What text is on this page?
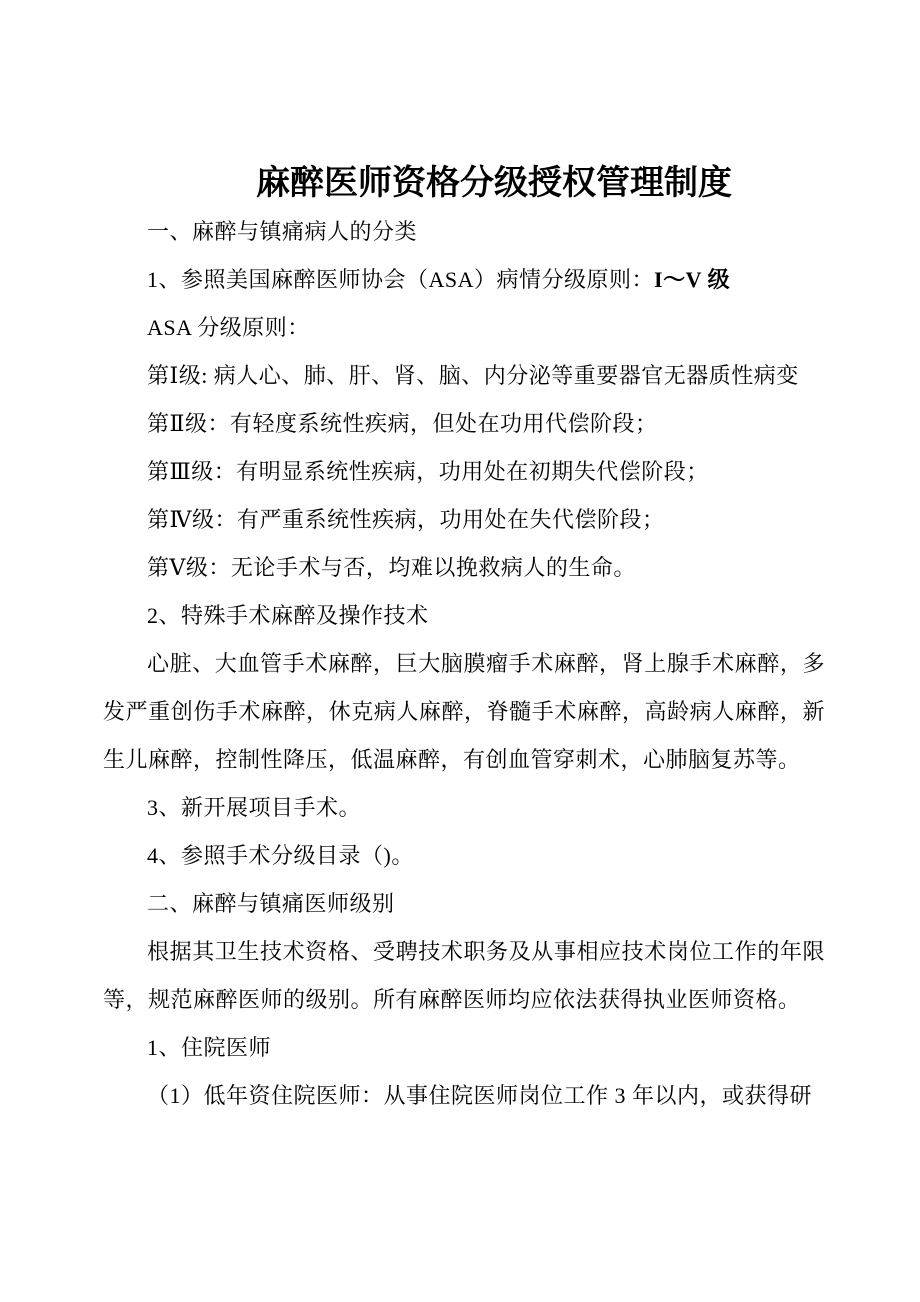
麻醉医师资格分级授权管理制度

一、麻醉与镇痛病人的分类

1、参照美国麻醉医师协会（ASA）病情分级原则：I～V 级

ASA 分级原则：

第Ⅰ级: 病人心、肺、肝、肾、脑、内分泌等重要器官无器质性病变

第Ⅱ级：有轻度系统性疾病，但处在功用代偿阶段；

第Ⅲ级：有明显系统性疾病，功用处在初期失代偿阶段；

第Ⅳ级：有严重系统性疾病，功用处在失代偿阶段；

第Ⅴ级：无论手术与否，均难以挽救病人的生命。

2、特殊手术麻醉及操作技术

心脏、大血管手术麻醉，巨大脑膜瘤手术麻醉，肾上腺手术麻醉，多发严重创伤手术麻醉，休克病人麻醉，脊髓手术麻醉，高龄病人麻醉，新生儿麻醉，控制性降压，低温麻醉，有创血管穿刺术，心肺脑复苏等。

3、新开展项目手术。

4、参照手术分级目录（)。

二、麻醉与镇痛医师级别

根据其卫生技术资格、受聘技术职务及从事相应技术岗位工作的年限等，规范麻醉医师的级别。所有麻醉医师均应依法获得执业医师资格。

1、住院医师

（1）低年资住院医师：从事住院医师岗位工作 3 年以内，或获得研
